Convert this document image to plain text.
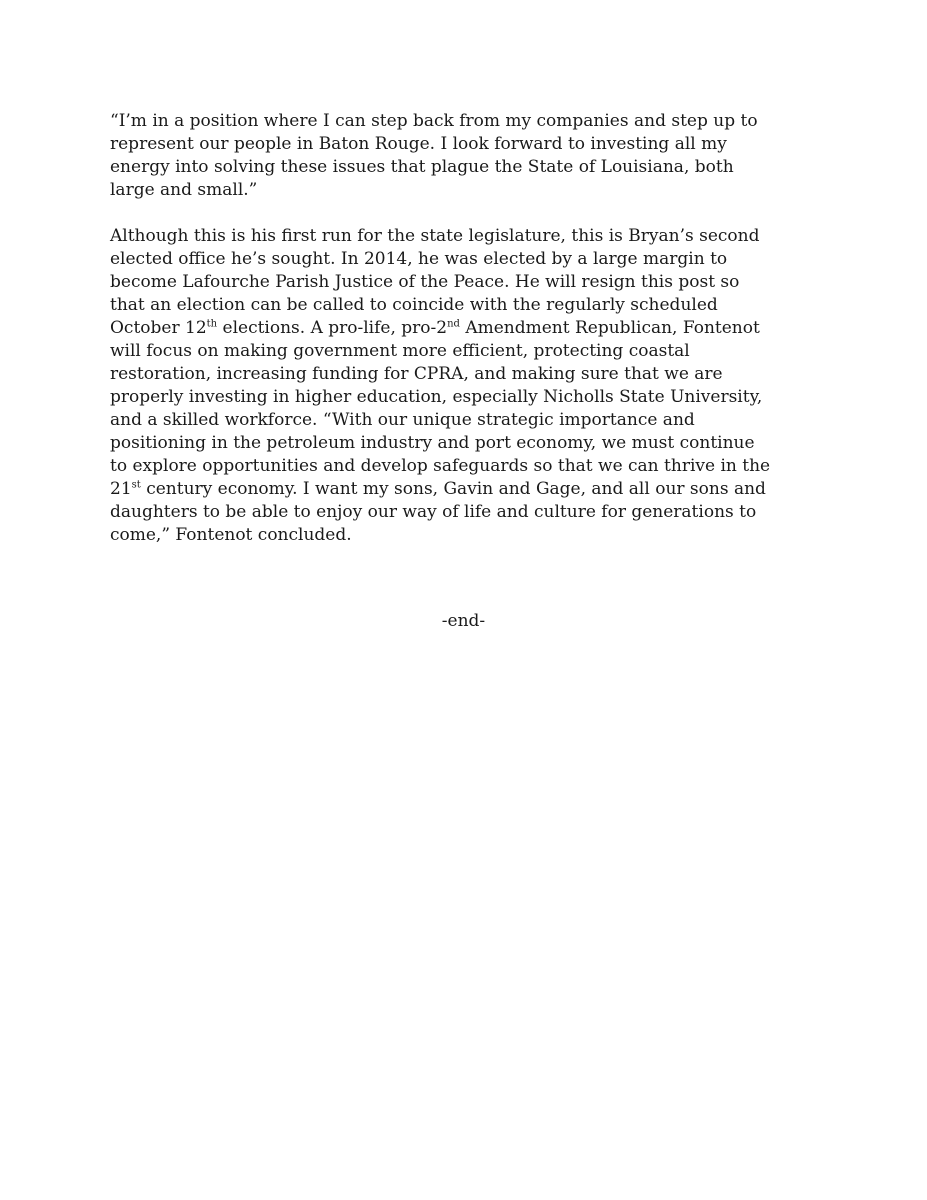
“I’m in a position where I can step back from my companies and step up to
represent our people in Baton Rouge. I look forward to investing all my
energy into solving these issues that plague the State of Louisiana, both
large and small.”

Although this is his first run for the state legislature, this is Bryan’s second
elected office he’s sought. In 2014, he was elected by a large margin to
become Lafourche Parish Justice of the Peace. He will resign this post so
that an election can be called to coincide with the regularly scheduled
October 12th elections. A pro-life, pro-2nd Amendment Republican, Fontenot
will focus on making government more efficient, protecting coastal
restoration, increasing funding for CPRA, and making sure that we are
properly investing in higher education, especially Nicholls State University,
and a skilled workforce. “With our unique strategic importance and
positioning in the petroleum industry and port economy, we must continue
to explore opportunities and develop safeguards so that we can thrive in the
21st century economy. I want my sons, Gavin and Gage, and all our sons and
daughters to be able to enjoy our way of life and culture for generations to
come,” Fontenot concluded.

-end-
